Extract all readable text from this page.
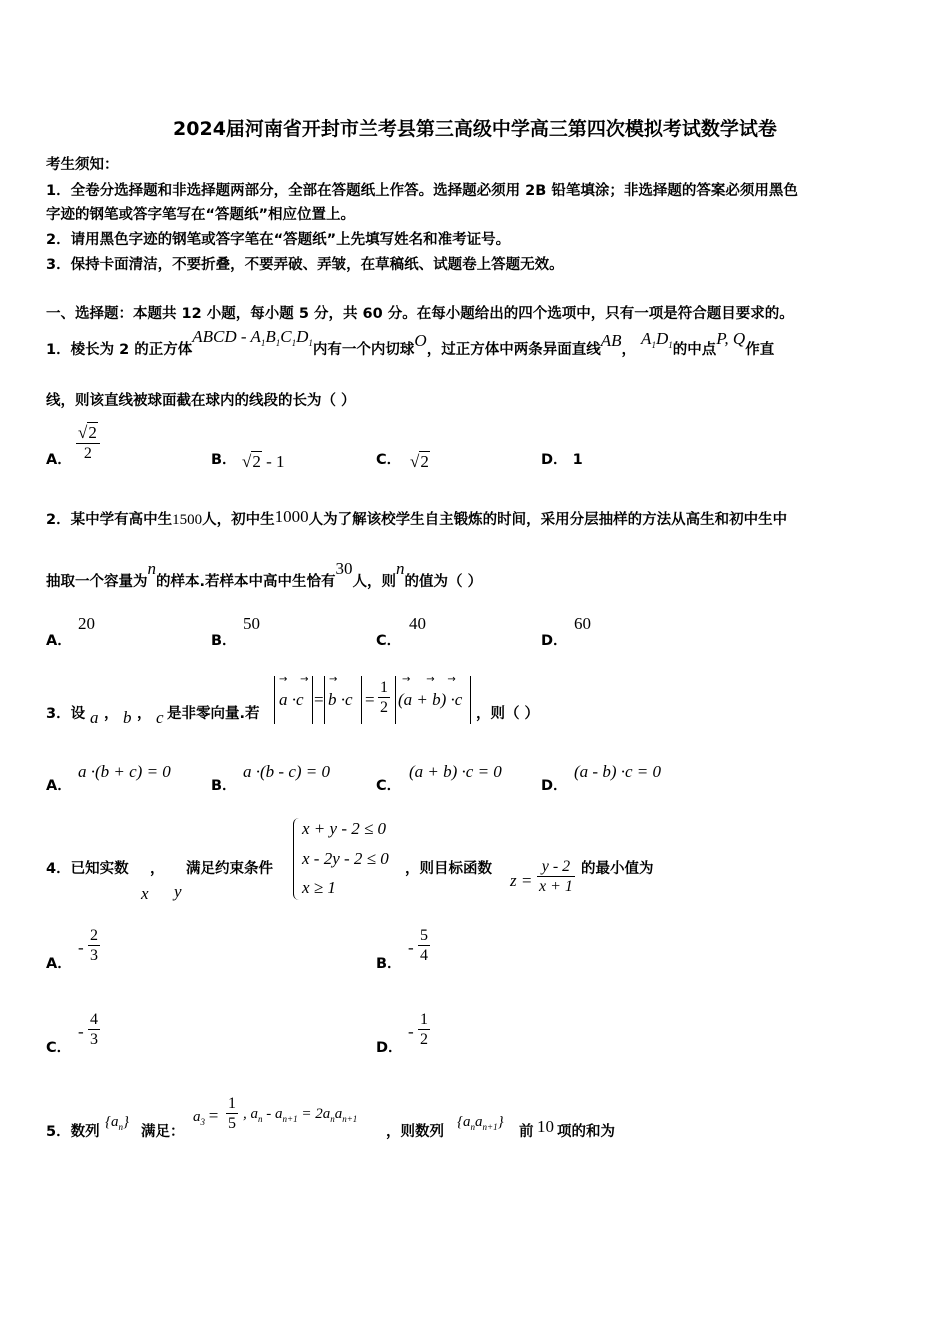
2024届河南省开封市兰考县第三高级中学高三第四次模拟考试数学试卷
考生须知：
1．全卷分选择题和非选择题两部分，全部在答题纸上作答。选择题必须用 2B 铅笔填涂；非选择题的答案必须用黑色
字迹的钢笔或答字笔写在“答题纸”相应位置上。
2．请用黑色字迹的钢笔或答字笔在“答题纸”上先填写姓名和准考证号。
3．保持卡面清洁，不要折叠，不要弄破、弄皱，在草稿纸、试题卷上答题无效。
一、选择题：本题共 12 小题，每小题 5 分，共 60 分。在每小题给出的四个选项中，只有一项是符合题目要求的。
1．棱长为 2 的正方体ABCD - $A_1B_1C_1D_1$内有一个内切球O，过正方体中两条异面直线AB， $A_1D_1$的中点P, Q作直
线，则该直线被球面截在球内的线段的长为（ ）
A． $\frac{√2}{2}$	B． √2 - 1	C． √2	D． 1
2．某中学有高中生1500人，初中生1000人为了解该校学生自主锻炼的时间，采用分层抽样的方法从高生和初中生中
抽取一个容量为n的样本.若样本中高中生恰有30人，则n的值为（ ）
A．
20
B．
50
C．
40
D．
60
3．设 a ， b ， c 是非零向量.若
$a \cdot c = b \cdot c = \frac{1}{2} (a + b) \cdot c$
，则（ ）
→    → →	→     →    →
A．
a ·(b + c) = 0
B．
a ·(b - c) = 0
C．
(a + b) ·c = 0
D．
(a - b) ·c = 0
4．已知实数
x
，
y
满足约束条件
x + y - 2 ≤ 0
x - 2y - 2 ≤ 0
x ≥ 1
，则目标函数
$z = \frac{y - 2}{x + 1}$ 的最小值为
A．
- $\frac{2}{3}$	B．
- $\frac{5}{4}$
C．
- $\frac{4}{3}$	D．
- $\frac{1}{2}$
5．数列
$\{a_n\}$
满足：
$a_3 = \frac{1}{5}$ , $a_n - a_{n+1} = 2a_na_{n+1}$
，则数列
$\{a_na_{n+1}\}$
前 10 项的和为
